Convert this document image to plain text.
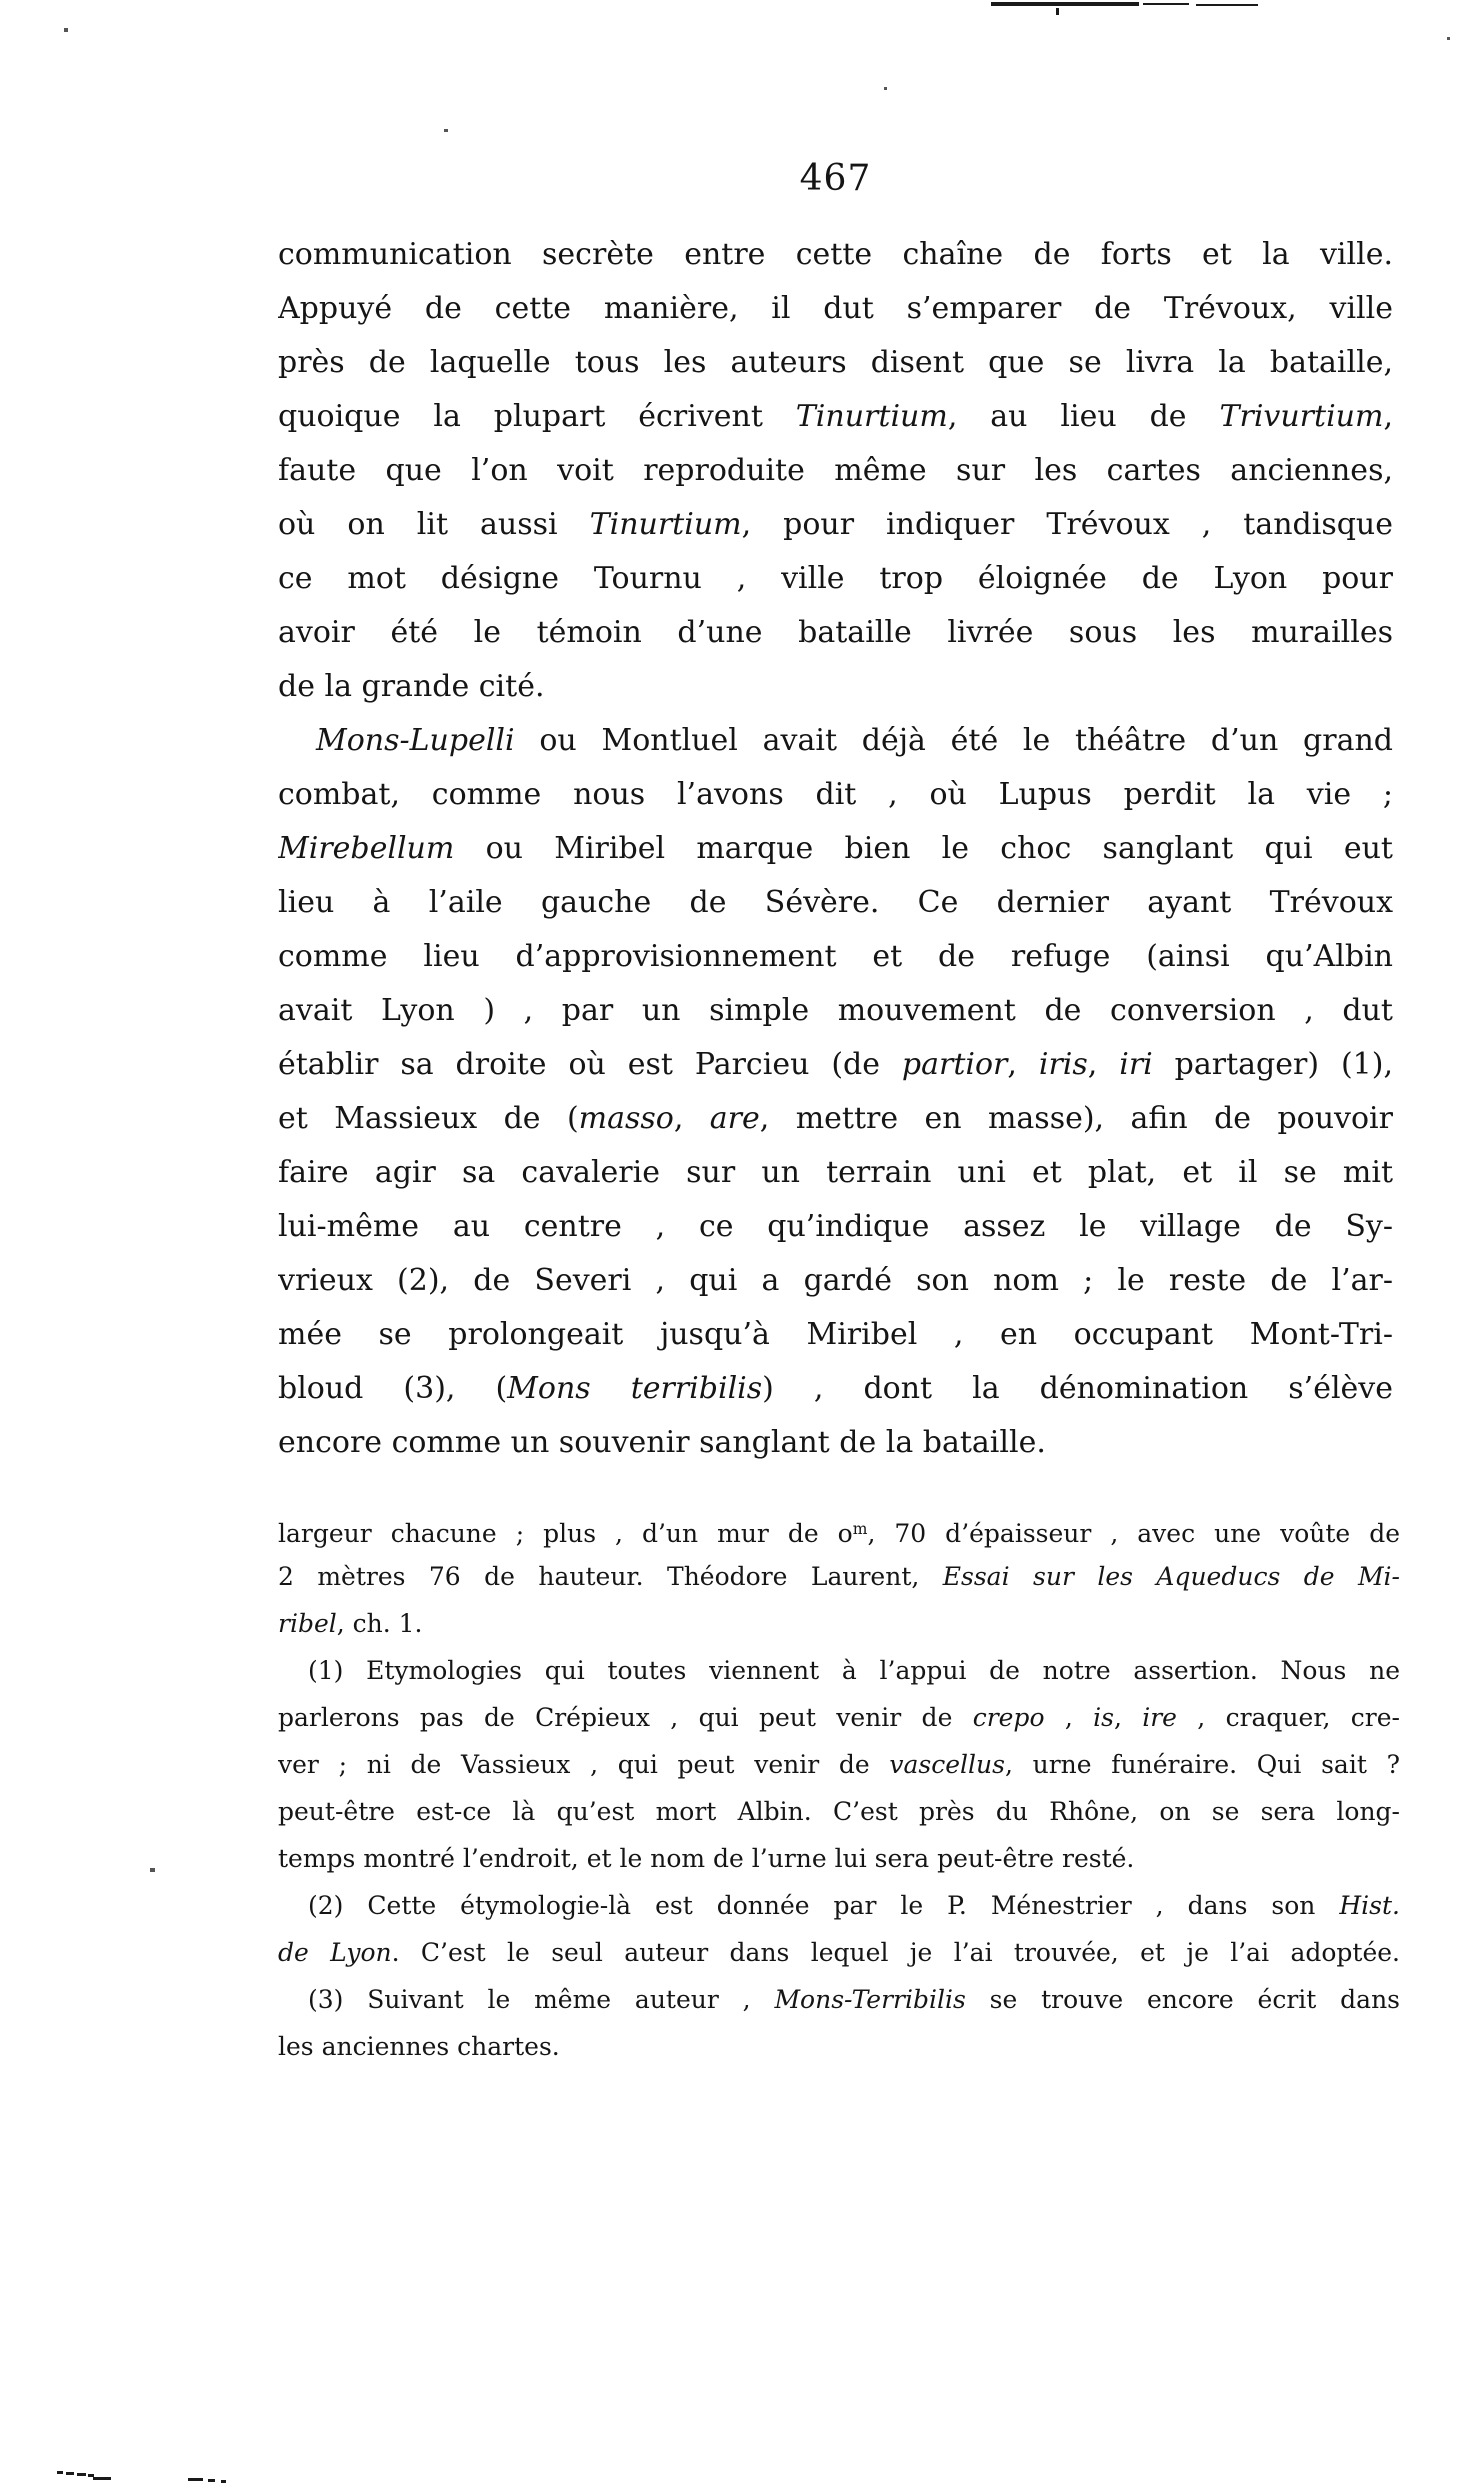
467
communication secrète entre cette chaîne de forts et la ville.
Appuyé de cette manière, il dut s’emparer de Trévoux, ville
près de laquelle tous les auteurs disent que se livra la bataille,
quoique la plupart écrivent Tinurtium, au lieu de Trivurtium,
faute que l’on voit reproduite même sur les cartes anciennes,
où on lit aussi Tinurtium, pour indiquer Trévoux , tandisque
ce mot désigne Tournu , ville trop éloignée de Lyon pour
avoir été le témoin d’une bataille livrée sous les murailles
de la grande cité.
Mons-Lupelli ou Montluel avait déjà été le théâtre d’un grand
combat, comme nous l’avons dit , où Lupus perdit la vie ;
Mirebellum ou Miribel marque bien le choc sanglant qui eut
lieu à l’aile gauche de Sévère. Ce dernier ayant Trévoux
comme lieu d’approvisionnement et de refuge (ainsi qu’Albin
avait Lyon ) , par un simple mouvement de conversion , dut
établir sa droite où est Parcieu (de partior, iris, iri partager) (1),
et Massieux de (masso, are, mettre en masse), afin de pouvoir
faire agir sa cavalerie sur un terrain uni et plat, et il se mit
lui-même au centre , ce qu’indique assez le village de Sy-
vrieux (2), de Severi , qui a gardé son nom ; le reste de l’ar-
mée se prolongeait jusqu’à Miribel , en occupant Mont-Tri-
bloud (3), (Mons terribilis) , dont la dénomination s’élève
encore comme un souvenir sanglant de la bataille.
largeur chacune ; plus , d’un mur de $o^m$, 70 d’épaisseur , avec une voûte de
2 mètres 76 de hauteur. Théodore Laurent, Essai sur les Aqueducs de Mi-
ribel, ch. 1.
(1) Etymologies qui toutes viennent à l’appui de notre assertion. Nous ne
parlerons pas de Crépieux , qui peut venir de crepo , is, ire , craquer, cre-
ver ; ni de Vassieux , qui peut venir de vascellus, urne funéraire. Qui sait ?
peut-être est-ce là qu’est mort Albin. C’est près du Rhône, on se sera long-
temps montré l’endroit, et le nom de l’urne lui sera peut-être resté.
(2) Cette étymologie-là est donnée par le P. Ménestrier , dans son Hist.
de Lyon. C’est le seul auteur dans lequel je l’ai trouvée, et je l’ai adoptée.
(3) Suivant le même auteur , Mons-Terribilis se trouve encore écrit dans
les anciennes chartes.
